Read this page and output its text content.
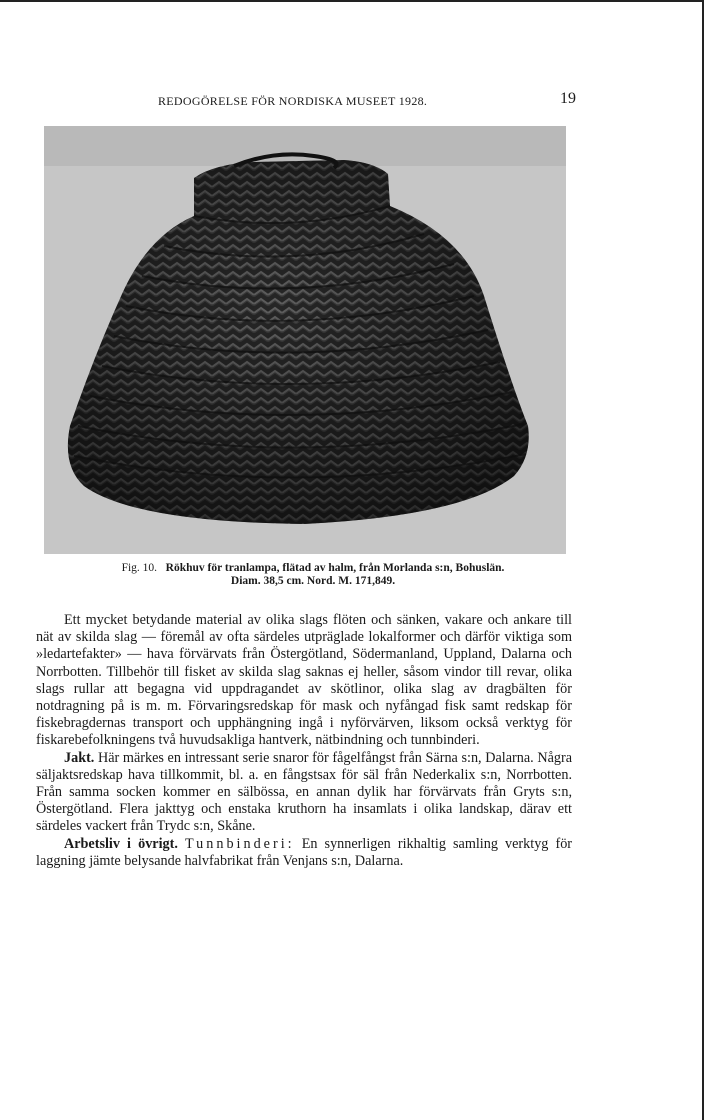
REDOGÖRELSE FÖR NORDISKA MUSEET 1928.	19
Fig. 10. Rökhuv för tranlampa, flätad av halm, från Morlanda s:n, Bohuslän.
Diam. 38,5 cm. Nord. M. 171,849.

Ett mycket betydande material av olika slags flöten och sänken, vakare och ankare till nät av skilda slag — föremål av ofta särdeles utpräglade lokalformer och därför viktiga som »ledartefakter» — hava förvärvats från Östergötland, Södermanland, Uppland, Dalarna och Norrbotten. Tillbehör till fisket av skilda slag saknas ej heller, såsom vindor till revar, olika slags rullar att begagna vid uppdragandet av skötlinor, olika slag av dragbälten för notdragning på is m. m. Förvaringsredskap för mask och nyfångad fisk samt redskap för fiskebragdernas transport och upphängning ingå i nyförvärven, liksom också verktyg för fiskarebefolkningens två huvudsakliga hantverk, nätbindning och tunnbinderi.

Jakt. Här märkes en intressant serie snaror för fågelfångst från Särna s:n, Dalarna. Några säljaktsredskap hava tillkommit, bl. a. en fångstsax för säl från Nederkalix s:n, Norrbotten. Från samma socken kommer en sälbössa, en annan dylik har förvärvats från Gryts s:n, Östergötland. Flera jakttyg och enstaka kruthorn ha insamlats i olika landskap, därav ett särdeles vackert från Trydc s:n, Skåne.

Arbetsliv i övrigt. Tunnbinderi: En synnerligen rikhaltig samling verktyg för laggning jämte belysande halvfabrikat från Venjans s:n, Dalarna.
